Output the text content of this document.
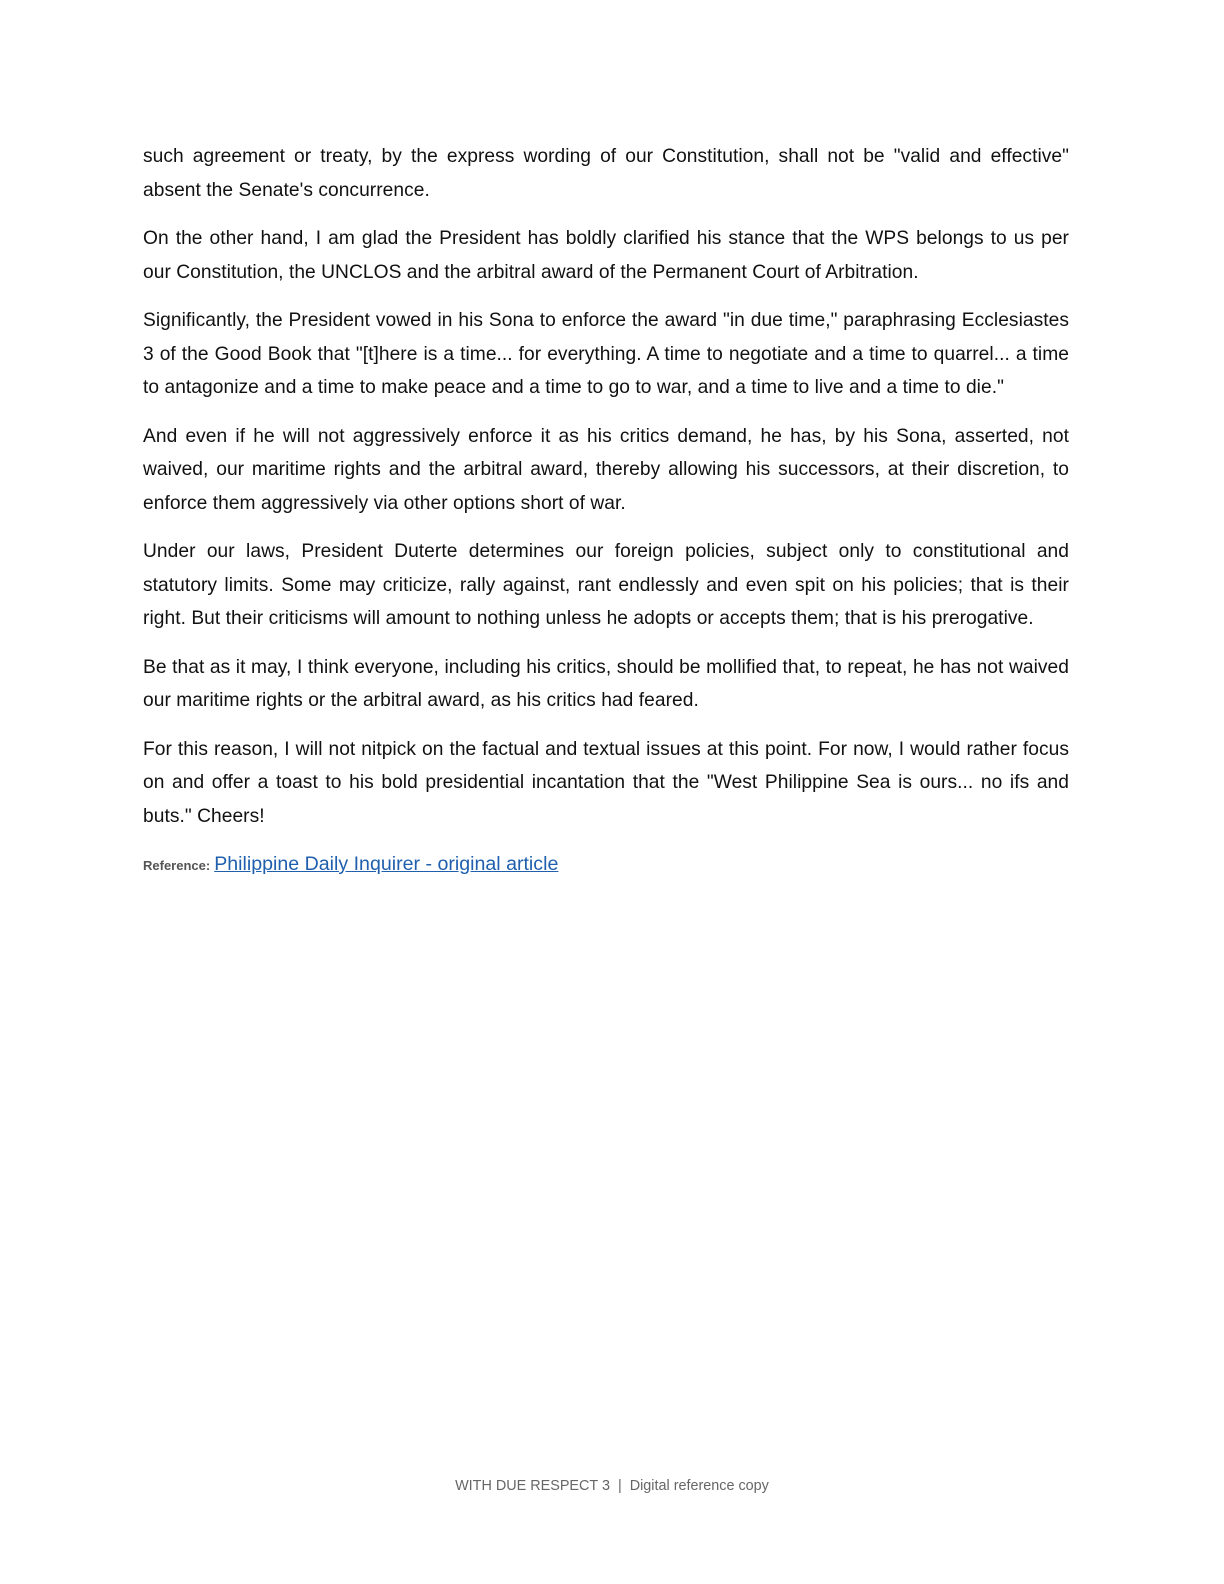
such agreement or treaty, by the express wording of our Constitution, shall not be "valid and effective" absent the Senate's concurrence.

On the other hand, I am glad the President has boldly clarified his stance that the WPS belongs to us per our Constitution, the UNCLOS and the arbitral award of the Permanent Court of Arbitration.

Significantly, the President vowed in his Sona to enforce the award "in due time," paraphrasing Ecclesiastes 3 of the Good Book that "[t]here is a time... for everything. A time to negotiate and a time to quarrel... a time to antagonize and a time to make peace and a time to go to war, and a time to live and a time to die."

And even if he will not aggressively enforce it as his critics demand, he has, by his Sona, asserted, not waived, our maritime rights and the arbitral award, thereby allowing his successors, at their discretion, to enforce them aggressively via other options short of war.

Under our laws, President Duterte determines our foreign policies, subject only to constitutional and statutory limits. Some may criticize, rally against, rant endlessly and even spit on his policies; that is their right. But their criticisms will amount to nothing unless he adopts or accepts them; that is his prerogative.

Be that as it may, I think everyone, including his critics, should be mollified that, to repeat, he has not waived our maritime rights or the arbitral award, as his critics had feared.

For this reason, I will not nitpick on the factual and textual issues at this point. For now, I would rather focus on and offer a toast to his bold presidential incantation that the "West Philippine Sea is ours... no ifs and buts." Cheers!

Reference: Philippine Daily Inquirer - original article
WITH DUE RESPECT 3 | Digital reference copy
